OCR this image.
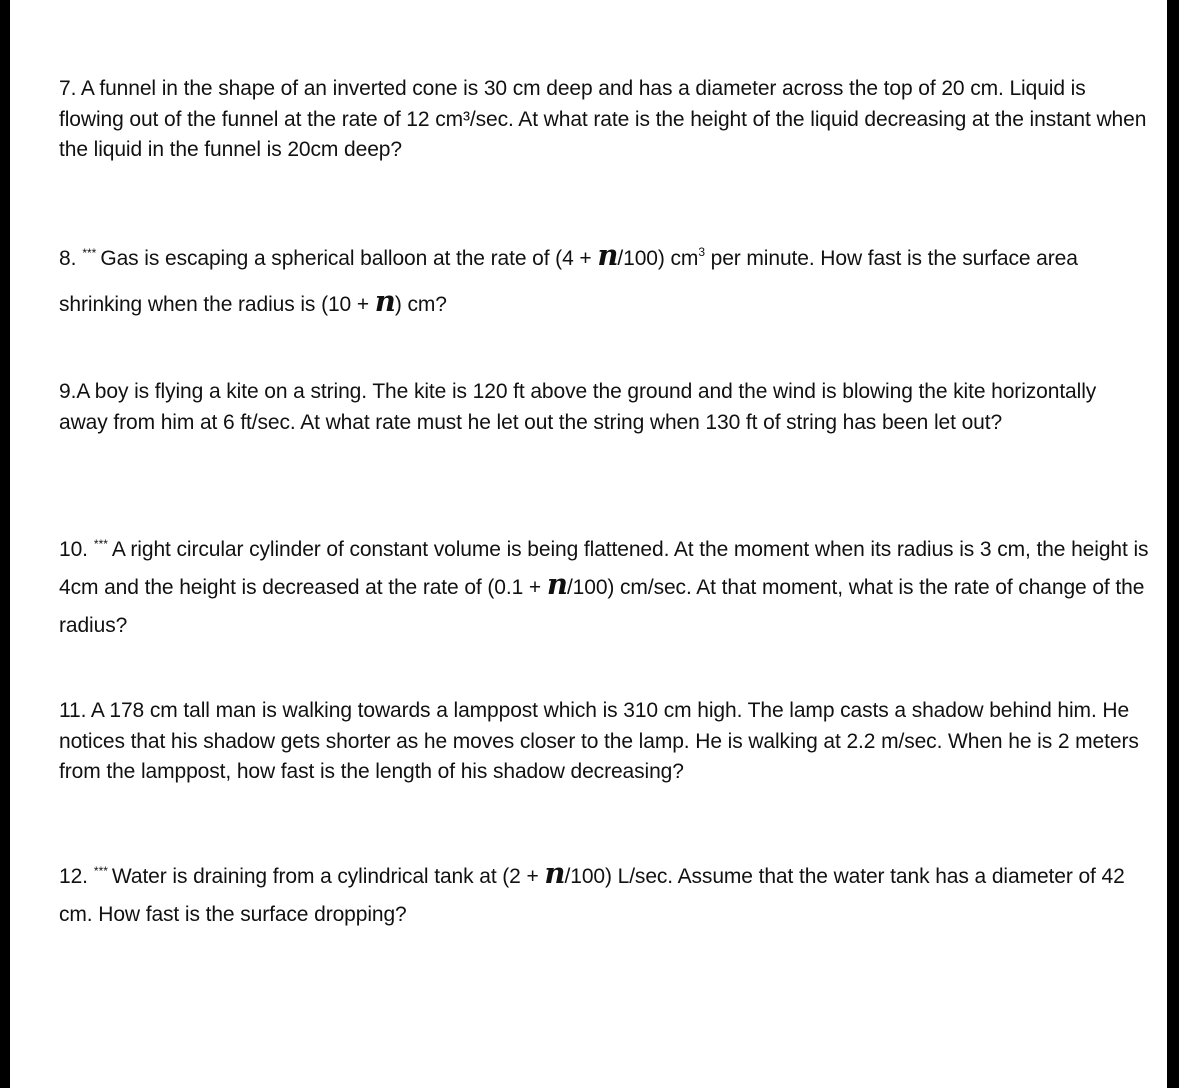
7. A funnel in the shape of an inverted cone is 30 cm deep and has a diameter across the top of 20 cm. Liquid is flowing out of the funnel at the rate of 12 cm³/sec. At what rate is the height of the liquid decreasing at the instant when the liquid in the funnel is 20cm deep?

8. *** Gas is escaping a spherical balloon at the rate of (4 + n/100) $cm^3$ per minute. How fast is the surface area shrinking when the radius is (10 + n) cm?

9.A boy is flying a kite on a string. The kite is 120 ft above the ground and the wind is blowing the kite horizontally away from him at 6 ft/sec. At what rate must he let out the string when 130 ft of string has been let out?

10. *** A right circular cylinder of constant volume is being flattened. At the moment when its radius is 3 cm, the height is 4cm and the height is decreased at the rate of (0.1 + n/100) cm/sec. At that moment, what is the rate of change of the radius?

11. A 178 cm tall man is walking towards a lamppost which is 310 cm high. The lamp casts a shadow behind him. He notices that his shadow gets shorter as he moves closer to the lamp. He is walking at 2.2 m/sec. When he is 2 meters from the lamppost, how fast is the length of his shadow decreasing?

12. *** Water is draining from a cylindrical tank at (2 + n/100) L/sec. Assume that the water tank has a diameter of 42 cm. How fast is the surface dropping?
